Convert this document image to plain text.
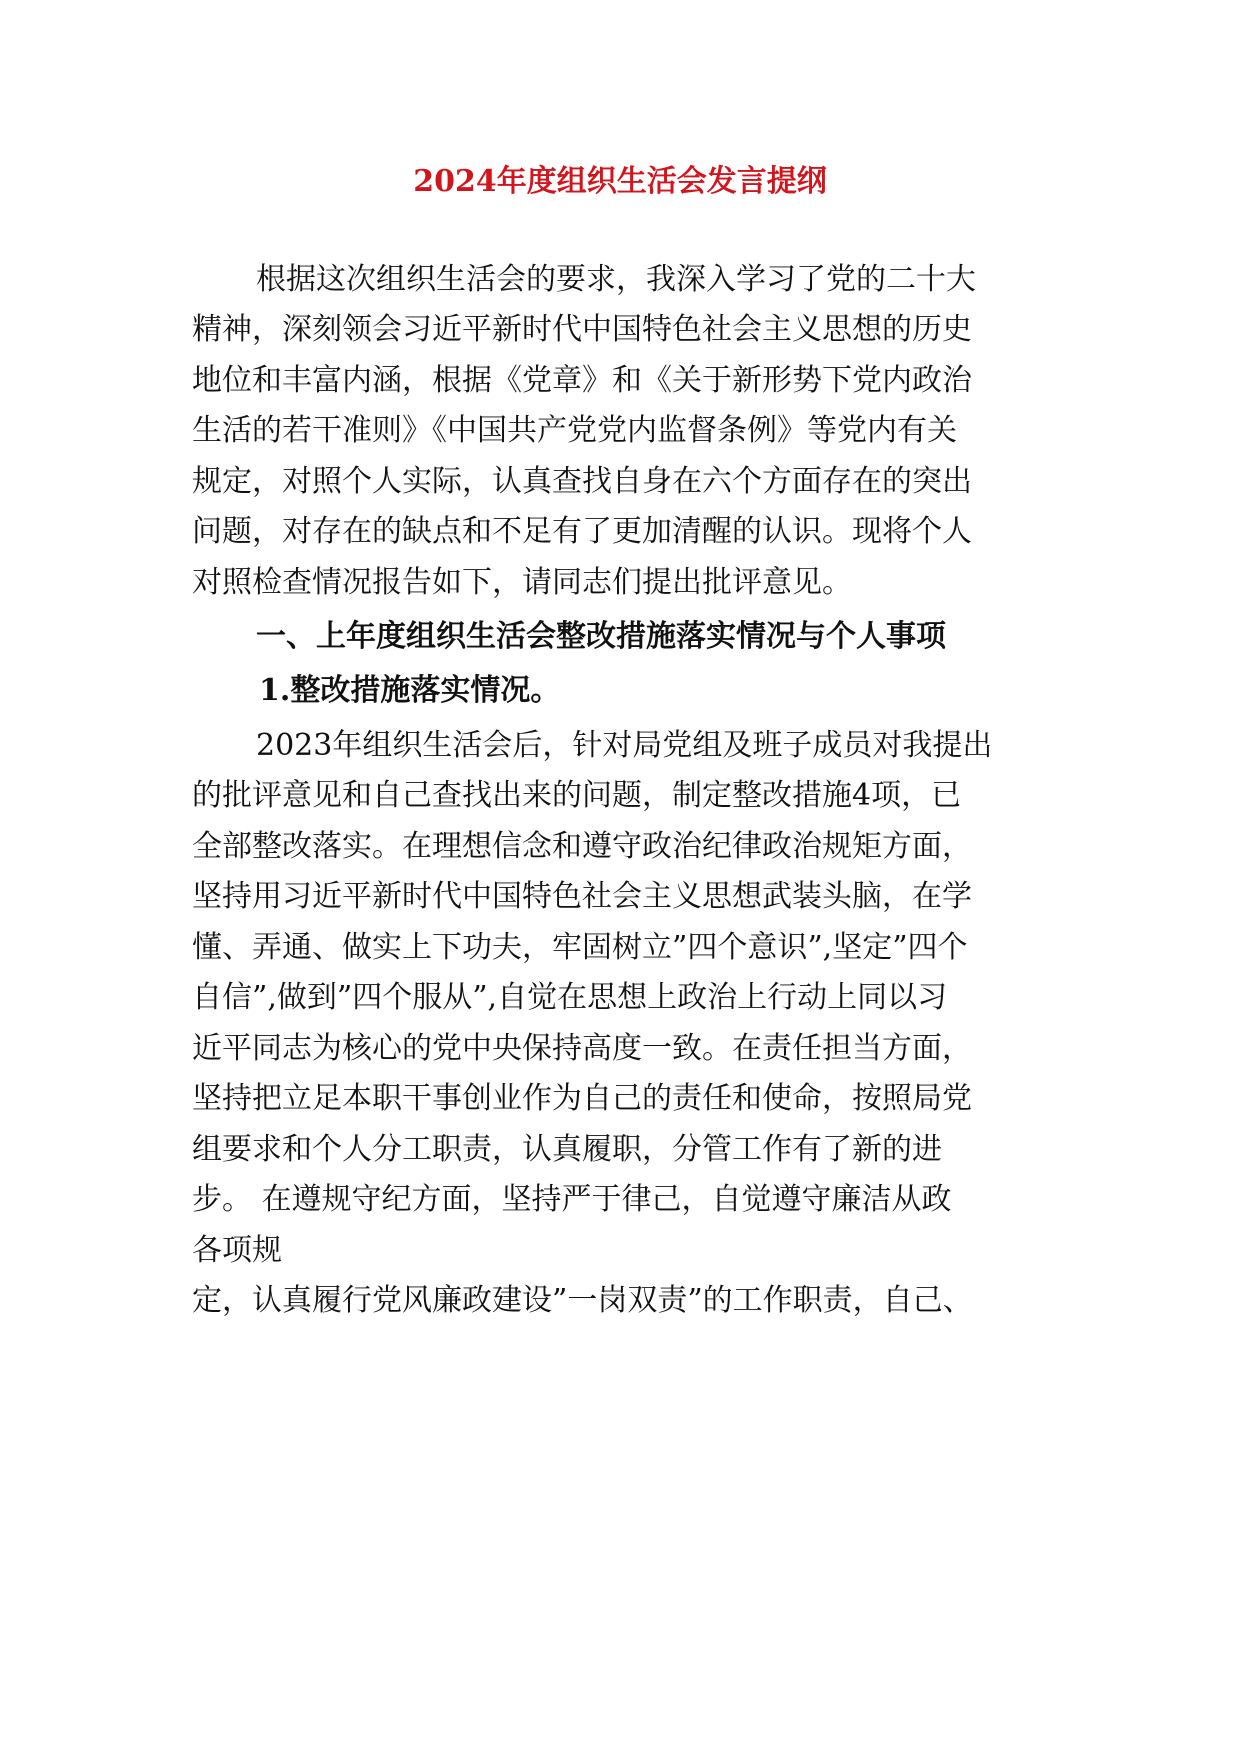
2024年度组织生活会发言提纲
根据这次组织生活会的要求，我深入学习了党的二十大
精神，深刻领会习近平新时代中国特色社会主义思想的历史
地位和丰富内涵，根据《党章》和《关于新形势下党内政治
生活的若干准则》《中国共产党党内监督条例》等党内有关
规定，对照个人实际，认真查找自身在六个方面存在的突出
问题，对存在的缺点和不足有了更加清醒的认识。现将个人
对照检查情况报告如下，请同志们提出批评意见。
一、上年度组织生活会整改措施落实情况与个人事项
1.整改措施落实情况。
2023年组织生活会后，针对局党组及班子成员对我提出
的批评意见和自己查找出来的问题，制定整改措施4项，已
全部整改落实。在理想信念和遵守政治纪律政治规矩方面，
坚持用习近平新时代中国特色社会主义思想武装头脑，在学
懂、弄通、做实上下功夫，牢固树立”四个意识”,坚定”四个
自信”,做到”四个服从”,自觉在思想上政治上行动上同以习
近平同志为核心的党中央保持高度一致。在责任担当方面，
坚持把立足本职干事创业作为自己的责任和使命，按照局党
组要求和个人分工职责，认真履职，分管工作有了新的进
步。 在遵规守纪方面，坚持严于律己，自觉遵守廉洁从政
各项规
定，认真履行党风廉政建设”一岗双责”的工作职责，自己、
